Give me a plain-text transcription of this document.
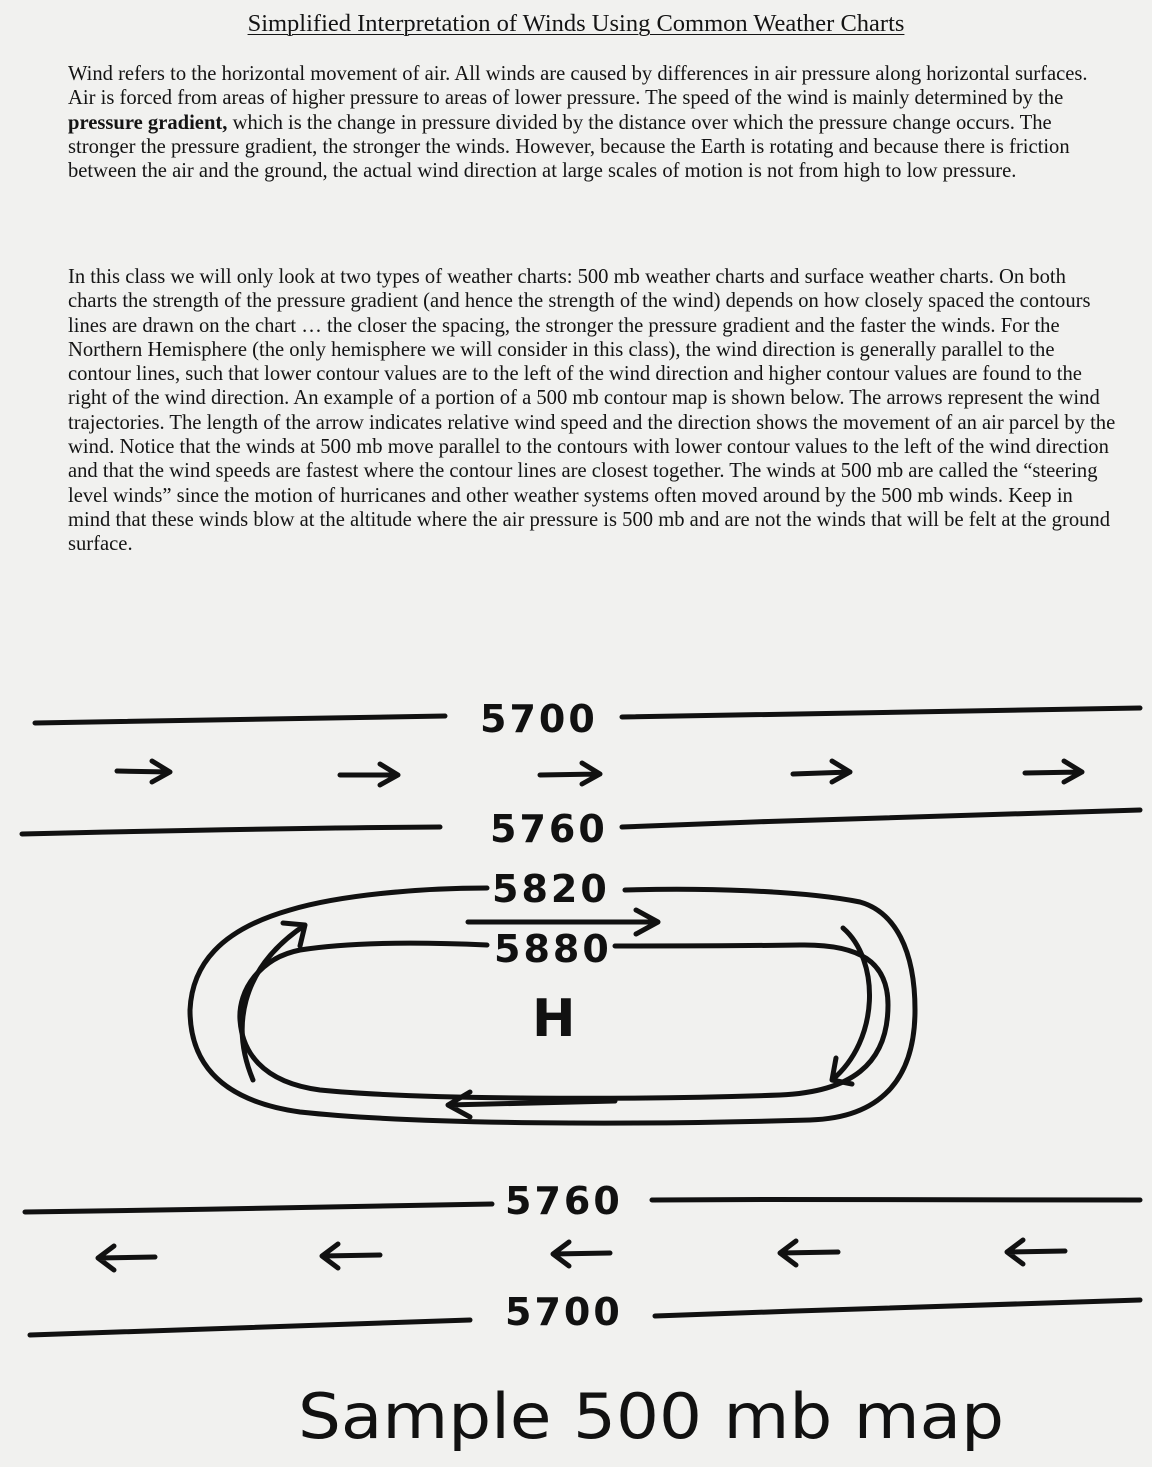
Simplified Interpretation of Winds Using Common Weather Charts

Wind refers to the horizontal movement of air. All winds are caused by differences in air pressure along horizontal surfaces. Air is forced from areas of higher pressure to areas of lower pressure. The speed of the wind is mainly determined by the pressure gradient, which is the change in pressure divided by the distance over which the pressure change occurs. The stronger the pressure gradient, the stronger the winds. However, because the Earth is rotating and because there is friction between the air and the ground, the actual wind direction at large scales of motion is not from high to low pressure.

In this class we will only look at two types of weather charts: 500 mb weather charts and surface weather charts. On both charts the strength of the pressure gradient (and hence the strength of the wind) depends on how closely spaced the contours lines are drawn on the chart … the closer the spacing, the stronger the pressure gradient and the faster the winds. For the Northern Hemisphere (the only hemisphere we will consider in this class), the wind direction is generally parallel to the contour lines, such that lower contour values are to the left of the wind direction and higher contour values are found to the right of the wind direction. An example of a portion of a 500 mb contour map is shown below. The arrows represent the wind trajectories. The length of the arrow indicates relative wind speed and the direction shows the movement of an air parcel by the wind. Notice that the winds at 500 mb move parallel to the contours with lower contour values to the left of the wind direction and that the wind speeds are fastest where the contour lines are closest together. The winds at 500 mb are called the “steering level winds” since the motion of hurricanes and other weather systems often moved around by the 500 mb winds. Keep in mind that these winds blow at the altitude where the air pressure is 500 mb and are not the winds that will be felt at the ground surface.

5700
5760
5820
5880
H
5760
5700
Sample 500 mb map
